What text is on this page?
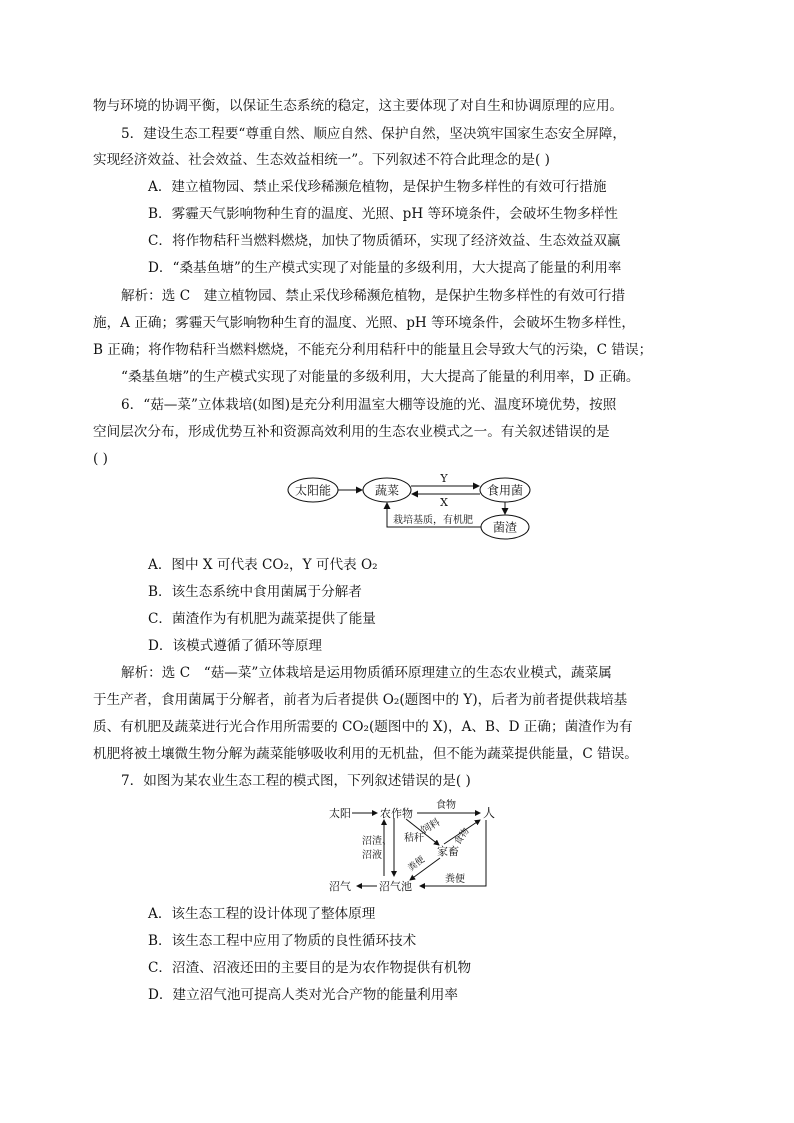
物与环境的协调平衡，以保证生态系统的稳定，这主要体现了对自生和协调原理的应用。
5．建设生态工程要“尊重自然、顺应自然、保护自然，坚决筑牢国家生态安全屏障，
实现经济效益、社会效益、生态效益相统一”。下列叙述不符合此理念的是( )
A．建立植物园、禁止采伐珍稀濒危植物，是保护生物多样性的有效可行措施
B．雾霾天气影响物种生育的温度、光照、pH 等环境条件，会破坏生物多样性
C．将作物秸秆当燃料燃烧，加快了物质循环，实现了经济效益、生态效益双赢
D．“桑基鱼塘”的生产模式实现了对能量的多级利用，大大提高了能量的利用率
解析：选 C　建立植物园、禁止采伐珍稀濒危植物，是保护生物多样性的有效可行措
施，A 正确；雾霾天气影响物种生育的温度、光照、pH 等环境条件，会破坏生物多样性，
B 正确；将作物秸秆当燃料燃烧，不能充分利用秸秆中的能量且会导致大气的污染，C 错误；
“桑基鱼塘”的生产模式实现了对能量的多级利用，大大提高了能量的利用率，D 正确。
6．“菇—菜”立体栽培(如图)是充分利用温室大棚等设施的光、温度环境优势，按照
空间层次分布，形成优势互补和资源高效利用的生态农业模式之一。有关叙述错误的是
( )
太阳能	蔬菜	食用菌
菌渣
Y
X
栽培基质，有机肥
A．图中 X 可代表 CO₂，Y 可代表 O₂
B．该生态系统中食用菌属于分解者
C．菌渣作为有机肥为蔬菜提供了能量
D．该模式遵循了循环等原理
解析：选 C　“菇—菜”立体栽培是运用物质循环原理建立的生态农业模式，蔬菜属
于生产者，食用菌属于分解者，前者为后者提供 O₂(题图中的 Y)，后者为前者提供栽培基
质、有机肥及蔬菜进行光合作用所需要的 CO₂(题图中的 X)，A、B、D 正确；菌渣作为有
机肥将被土壤微生物分解为蔬菜能够吸收利用的无机盐，但不能为蔬菜提供能量，C 错误。
7．如图为某农业生态工程的模式图，下列叙述错误的是( )
太阳	农作物
食物
人
饲料 食物
家畜
秸秆
沼渣、
沼液	粪便
粪便
沼气池
沼气
A．该生态工程的设计体现了整体原理
B．该生态工程中应用了物质的良性循环技术
C．沼渣、沼液还田的主要目的是为农作物提供有机物
D．建立沼气池可提高人类对光合产物的能量利用率
